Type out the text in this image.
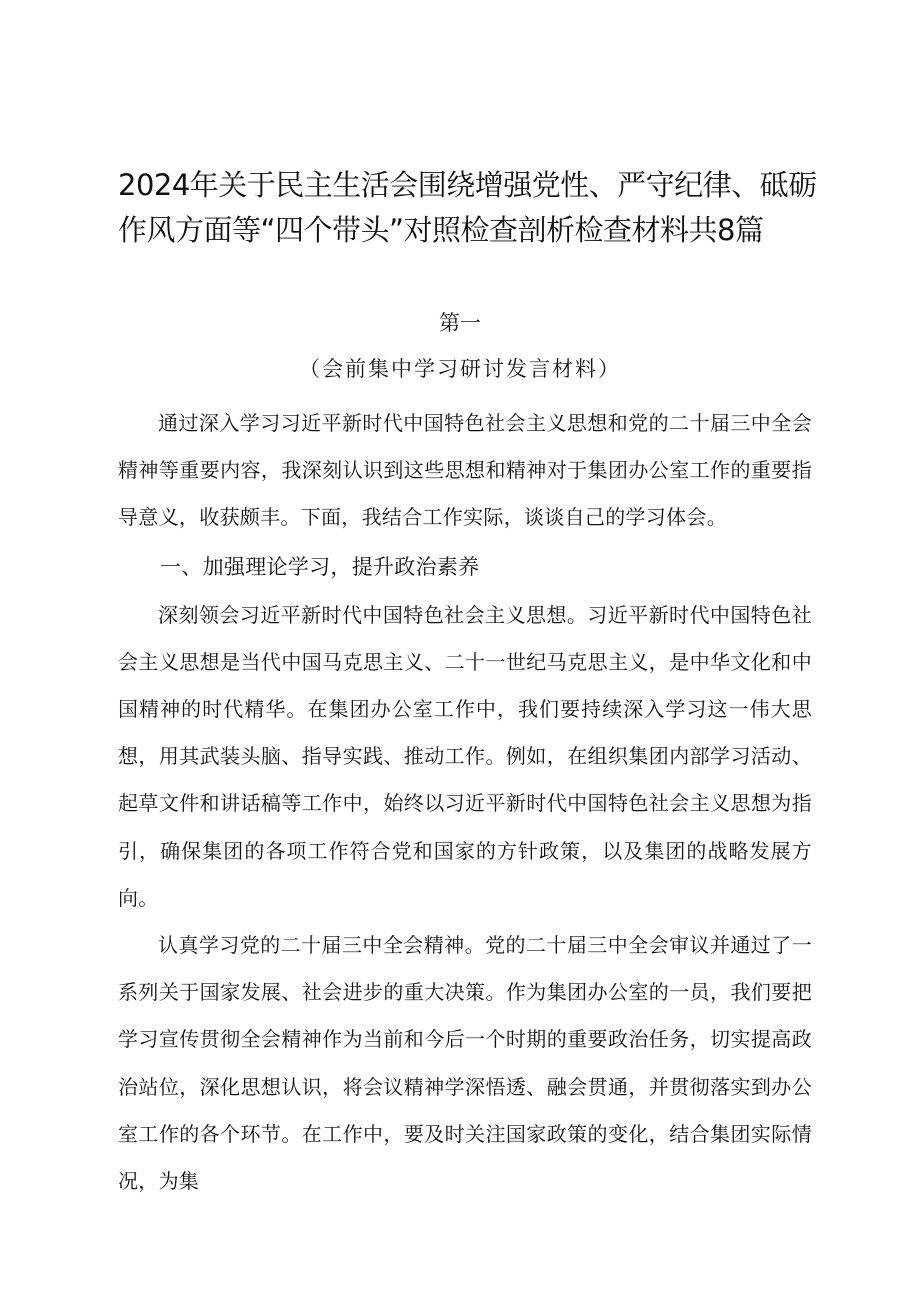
2024年关于民主生活会围绕增强党性、严守纪律、砥砺作风方面等“四个带头”对照检查剖析检查材料共8篇
第一
（会前集中学习研讨发言材料）

通过深入学习习近平新时代中国特色社会主义思想和党的二十届三中全会精神等重要内容，我深刻认识到这些思想和精神对于集团办公室工作的重要指导意义，收获颇丰。下面，我结合工作实际，谈谈自己的学习体会。

一、加强理论学习，提升政治素养

深刻领会习近平新时代中国特色社会主义思想。习近平新时代中国特色社会主义思想是当代中国马克思主义、二十一世纪马克思主义，是中华文化和中国精神的时代精华。在集团办公室工作中，我们要持续深入学习这一伟大思想，用其武装头脑、指导实践、推动工作。例如，在组织集团内部学习活动、起草文件和讲话稿等工作中，始终以习近平新时代中国特色社会主义思想为指引，确保集团的各项工作符合党和国家的方针政策，以及集团的战略发展方向。

认真学习党的二十届三中全会精神。党的二十届三中全会审议并通过了一系列关于国家发展、社会进步的重大决策。作为集团办公室的一员，我们要把学习宣传贯彻全会精神作为当前和今后一个时期的重要政治任务，切实提高政治站位，深化思想认识，将会议精神学深悟透、融会贯通，并贯彻落实到办公室工作的各个环节。在工作中，要及时关注国家政策的变化，结合集团实际情况，为集
